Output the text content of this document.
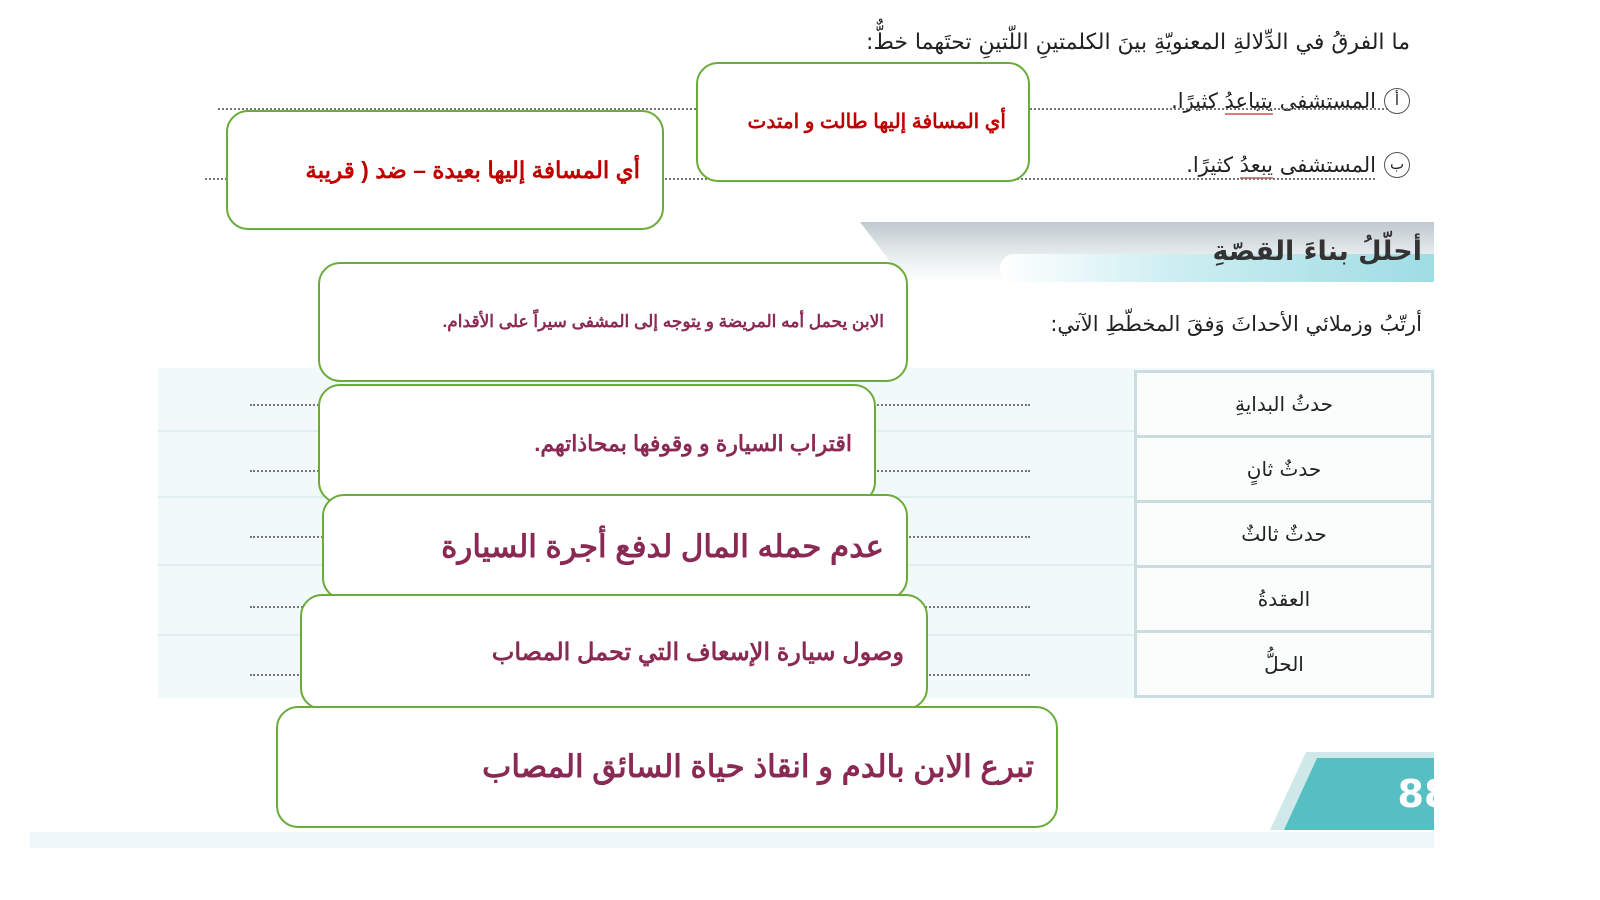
ما الفرقُ في الدِّلالةِ المعنويّةِ بينَ الكلمتينِ اللّتينِ تحتَهما خطٌّ:
أ
المستشفى يتباعدُ كثيرًا.
ب
المستشفى يبعدُ كثيرًا.
أي المسافة إليها طالت و امتدت
أي المسافة إليها بعيدة – ضد ( قريبة
أحلّلُ بناءَ القصّةِ
أرتّبُ وزملائي الأحداثَ وَفقَ المخطّطِ الآتي:
حدثُ البدايةِ
حدثٌ ثانٍ
حدثٌ ثالثٌ
العقدةُ
الحلُّ
الابن يحمل أمه المريضة و يتوجه إلى المشفى سيراً على الأقدام.
اقتراب السيارة و وقوفها بمحاذاتهم.
عدم حمله المال لدفع أجرة السيارة
وصول سيارة الإسعاف التي تحمل المصاب
تبرع الابن بالدم و انقاذ حياة السائق المصاب
88
